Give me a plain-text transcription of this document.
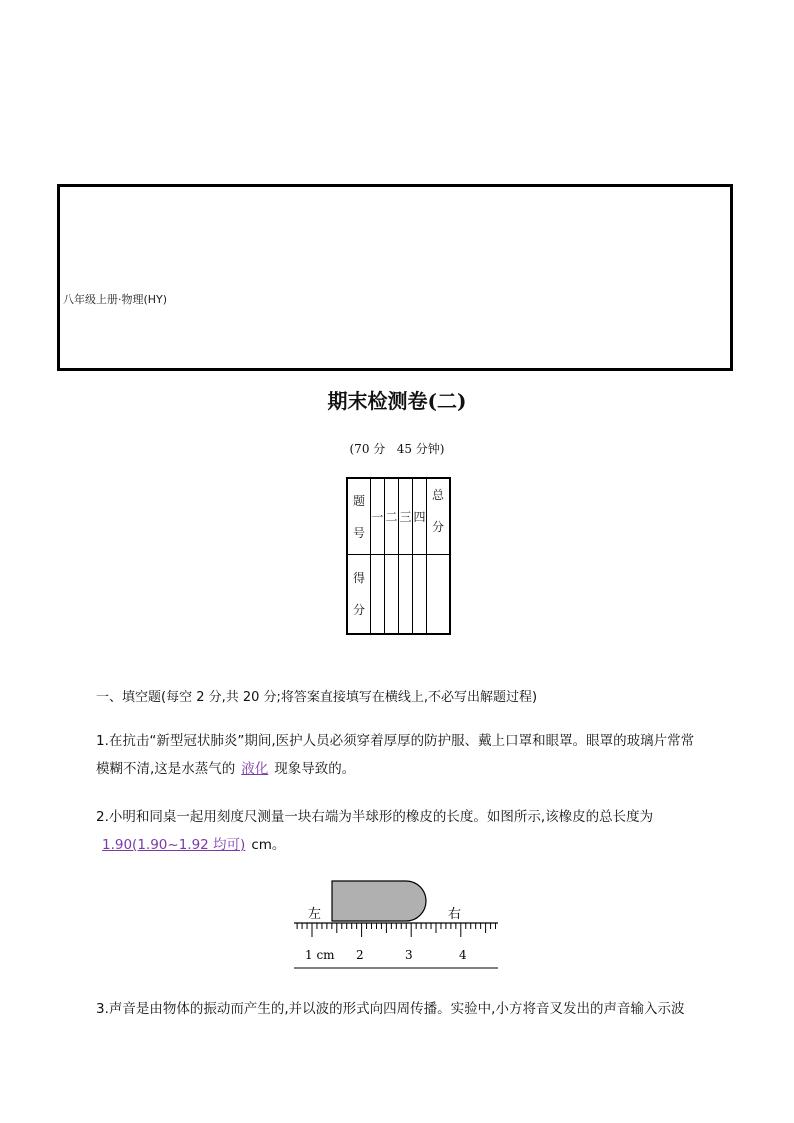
八年级上册·物理(HY)
期末检测卷(二)
(70 分   45 分钟)
题
号	一	二	三	四	总
分

得
分					

一、填空题(每空 2 分,共 20 分;将答案直接填写在横线上,不必写出解题过程)
1.在抗击“新型冠状肺炎”期间,医护人员必须穿着厚厚的防护服、戴上口罩和眼罩。眼罩的玻璃片常常模糊不清,这是水蒸气的 液化 现象导致的。
2.小明和同桌一起用刻度尺测量一块右端为半球形的橡皮的长度。如图所示,该橡皮的总长度为1.90(1.90~1.92 均可) cm。
左	右
1 cm 2	3	4
3.声音是由物体的振动而产生的,并以波的形式向四周传播。实验中,小方将音叉发出的声音输入示波
